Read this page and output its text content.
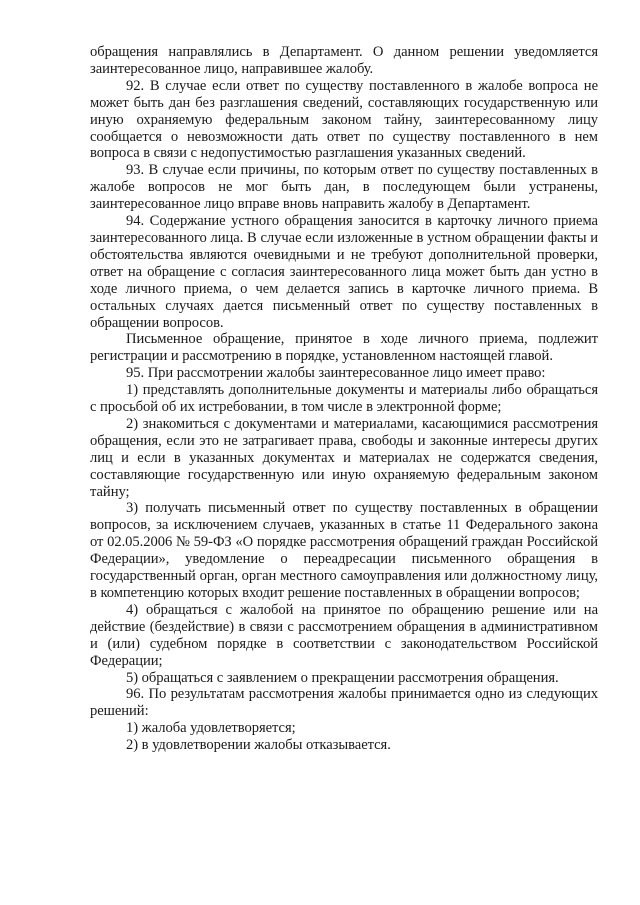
обращения направлялись в Департамент. О данном решении уведомляется заинтересованное лицо, направившее жалобу.

92. В случае если ответ по существу поставленного в жалобе вопроса не может быть дан без разглашения сведений, составляющих государственную или иную охраняемую федеральным законом тайну, заинтересованному лицу сообщается о невозможности дать ответ по существу поставленного в нем вопроса в связи с недопустимостью разглашения указанных сведений.

93. В случае если причины, по которым ответ по существу поставленных в жалобе вопросов не мог быть дан, в последующем были устранены, заинтересованное лицо вправе вновь направить жалобу в Департамент.

94. Содержание устного обращения заносится в карточку личного приема заинтересованного лица. В случае если изложенные в устном обращении факты и обстоятельства являются очевидными и не требуют дополнительной проверки, ответ на обращение с согласия заинтересованного лица может быть дан устно в ходе личного приема, о чем делается запись в карточке личного приема. В остальных случаях дается письменный ответ по существу поставленных в обращении вопросов.

Письменное обращение, принятое в ходе личного приема, подлежит регистрации и рассмотрению в порядке, установленном настоящей главой.

95. При рассмотрении жалобы заинтересованное лицо имеет право:

1) представлять дополнительные документы и материалы либо обращаться с просьбой об их истребовании, в том числе в электронной форме;

2) знакомиться с документами и материалами, касающимися рассмотрения обращения, если это не затрагивает права, свободы и законные интересы других лиц и если в указанных документах и материалах не содержатся сведения, составляющие государственную или иную охраняемую федеральным законом тайну;

3) получать письменный ответ по существу поставленных в обращении вопросов, за исключением случаев, указанных в статье 11 Федерального закона от 02.05.2006 № 59-ФЗ «О порядке рассмотрения обращений граждан Российской Федерации», уведомление о переадресации письменного обращения в государственный орган, орган местного самоуправления или должностному лицу, в компетенцию которых входит решение поставленных в обращении вопросов;

4) обращаться с жалобой на принятое по обращению решение или на действие (бездействие) в связи с рассмотрением обращения в административном и (или) судебном порядке в соответствии с законодательством Российской Федерации;

5) обращаться с заявлением о прекращении рассмотрения обращения.

96. По результатам рассмотрения жалобы принимается одно из следующих решений:

1) жалоба удовлетворяется;

2) в удовлетворении жалобы отказывается.
